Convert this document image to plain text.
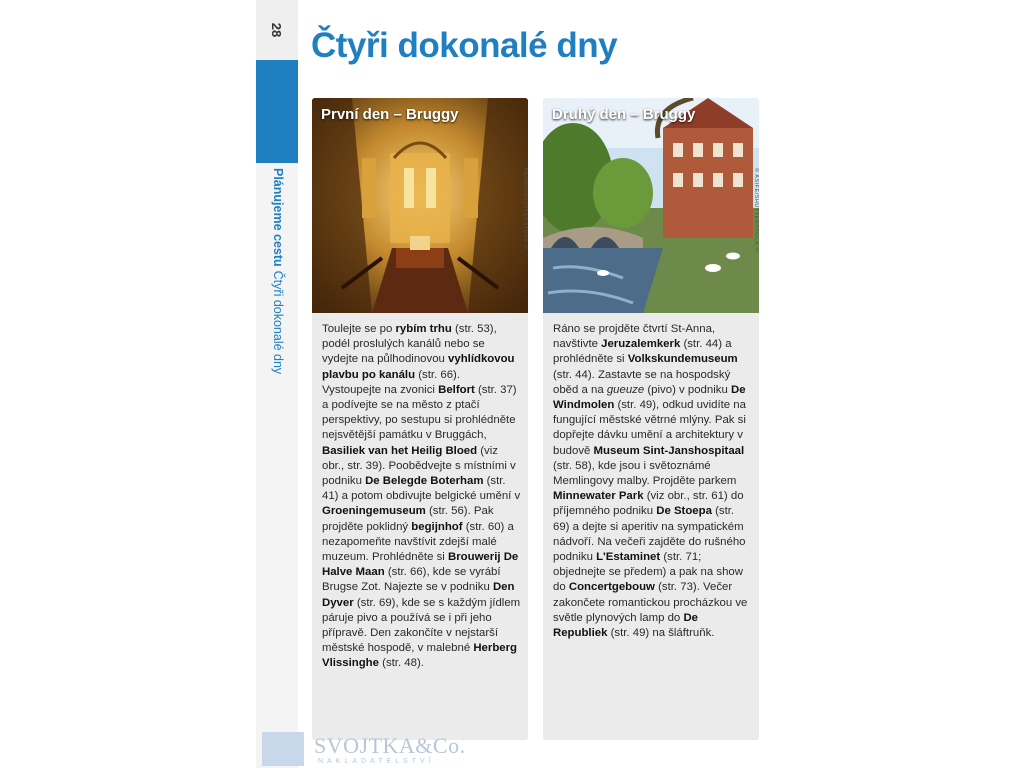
28
Plánujeme cestu
Čtyři dokonalé dny
Čtyři dokonalé dny
První den – Bruggy
PEDRO/SHUTTERSTOCK ©

Toulejte se po rybím trhu (str. 53), podél proslulých kanálů nebo se vydejte na půlhodinovou vyhlídkovou plavbu po kanálu (str. 66). Vystoupejte na zvonici Belfort (str. 37) a podívejte se na město z ptačí perspektivy, po sestupu si prohlédněte nejsvětější památku v Bruggách, Basiliek van het Heilig Bloed (viz obr., str. 39). Poobědvejte s místními v podniku De Belegde Boterham (str. 41) a potom obdivujte belgické umění v Groeningemuseum (str. 56). Pak projděte poklidný begijnhof (str. 60) a nezapomeňte navštívit zdejší malé muzeum. Prohlédněte si Brouwerij De Halve Maan (str. 66), kde se vyrábí Brugse Zot. Najezte se v podniku Den Dyver (str. 69), kde se s každým jídlem páruje pivo a používá se i při jeho přípravě. Den zakončíte v nejstarší městské hospodě, v malebné Herberg Vlissinghe (str. 48).

Druhý den – Bruggy
© ASIFE/SHUTTERSTOCK ©

Ráno se projděte čtvrtí St-Anna, navštivte Jeruzalemkerk (str. 44) a prohlédněte si Volkskundemuseum (str. 44). Zastavte se na hospodský oběd a na gueuze (pivo) v podniku De Windmolen (str. 49), odkud uvidíte na fungující městské větrné mlýny. Pak si dopřejte dávku umění a architektury v budově Museum Sint-Janshospitaal (str. 58), kde jsou i světoznámé Memlingovy malby. Projděte parkem Minnewater Park (viz obr., str. 61) do příjemného podniku De Stoepa (str. 69) a dejte si aperitiv na sympatickém nádvoří. Na večeři zajděte do rušného podniku L'Estaminet (str. 71; objednejte se předem) a pak na show do Concertgebouw (str. 73). Večer zakončete romantickou procházkou ve světle plynových lamp do De Republiek (str. 49) na šláftruňk.

SVOJTKA&Co.
NAKLADATELSTVÍ
